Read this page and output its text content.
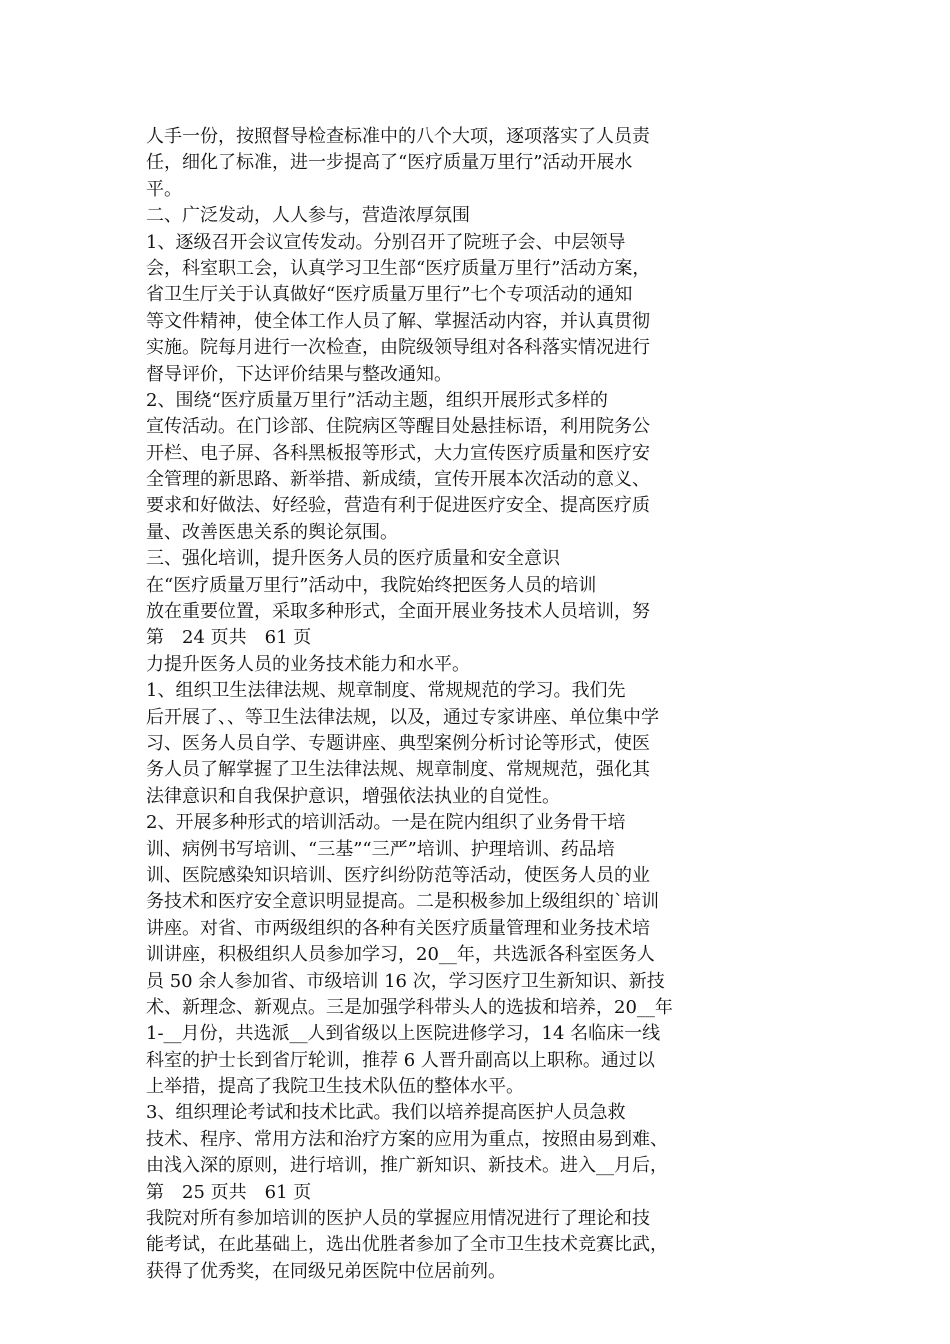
人手一份，按照督导检查标准中的八个大项，逐项落实了人员责
任，细化了标准，进一步提高了“医疗质量万里行”活动开展水
平。
二、广泛发动，人人参与，营造浓厚氛围
1、逐级召开会议宣传发动。分别召开了院班子会、中层领导
会，科室职工会，认真学习卫生部“医疗质量万里行”活动方案，
省卫生厅关于认真做好“医疗质量万里行”七个专项活动的通知
等文件精神，使全体工作人员了解、掌握活动内容，并认真贯彻
实施。院每月进行一次检查，由院级领导组对各科落实情况进行
督导评价，下达评价结果与整改通知。
2、围绕“医疗质量万里行”活动主题，组织开展形式多样的
宣传活动。在门诊部、住院病区等醒目处悬挂标语，利用院务公
开栏、电子屏、各科黑板报等形式，大力宣传医疗质量和医疗安
全管理的新思路、新举措、新成绩，宣传开展本次活动的意义、
要求和好做法、好经验，营造有利于促进医疗安全、提高医疗质
量、改善医患关系的舆论氛围。
三、强化培训，提升医务人员的医疗质量和安全意识
在“医疗质量万里行”活动中，我院始终把医务人员的培训
放在重要位置，采取多种形式，全面开展业务技术人员培训，努
第　24 页共　61 页
力提升医务人员的业务技术能力和水平。
1、组织卫生法律法规、规章制度、常规规范的学习。我们先
后开展了、、等卫生法律法规，以及，通过专家讲座、单位集中学
习、医务人员自学、专题讲座、典型案例分析讨论等形式，使医
务人员了解掌握了卫生法律法规、规章制度、常规规范，强化其
法律意识和自我保护意识，增强依法执业的自觉性。
2、开展多种形式的培训活动。一是在院内组织了业务骨干培
训、病例书写培训、“三基”“三严”培训、护理培训、药品培
训、医院感染知识培训、医疗纠纷防范等活动，使医务人员的业
务技术和医疗安全意识明显提高。二是积极参加上级组织的`培训
讲座。对省、市两级组织的各种有关医疗质量管理和业务技术培
训讲座，积极组织人员参加学习，20__年，共选派各科室医务人
员 50 余人参加省、市级培训 16 次，学习医疗卫生新知识、新技
术、新理念、新观点。三是加强学科带头人的选拔和培养，20__年
1-__月份，共选派__人到省级以上医院进修学习，14 名临床一线
科室的护士长到省厅轮训，推荐 6 人晋升副高以上职称。通过以
上举措，提高了我院卫生技术队伍的整体水平。
3、组织理论考试和技术比武。我们以培养提高医护人员急救
技术、程序、常用方法和治疗方案的应用为重点，按照由易到难、
由浅入深的原则，进行培训，推广新知识、新技术。进入__月后，
第　25 页共　61 页
我院对所有参加培训的医护人员的掌握应用情况进行了理论和技
能考试，在此基础上，选出优胜者参加了全市卫生技术竞赛比武，
获得了优秀奖，在同级兄弟医院中位居前列。
